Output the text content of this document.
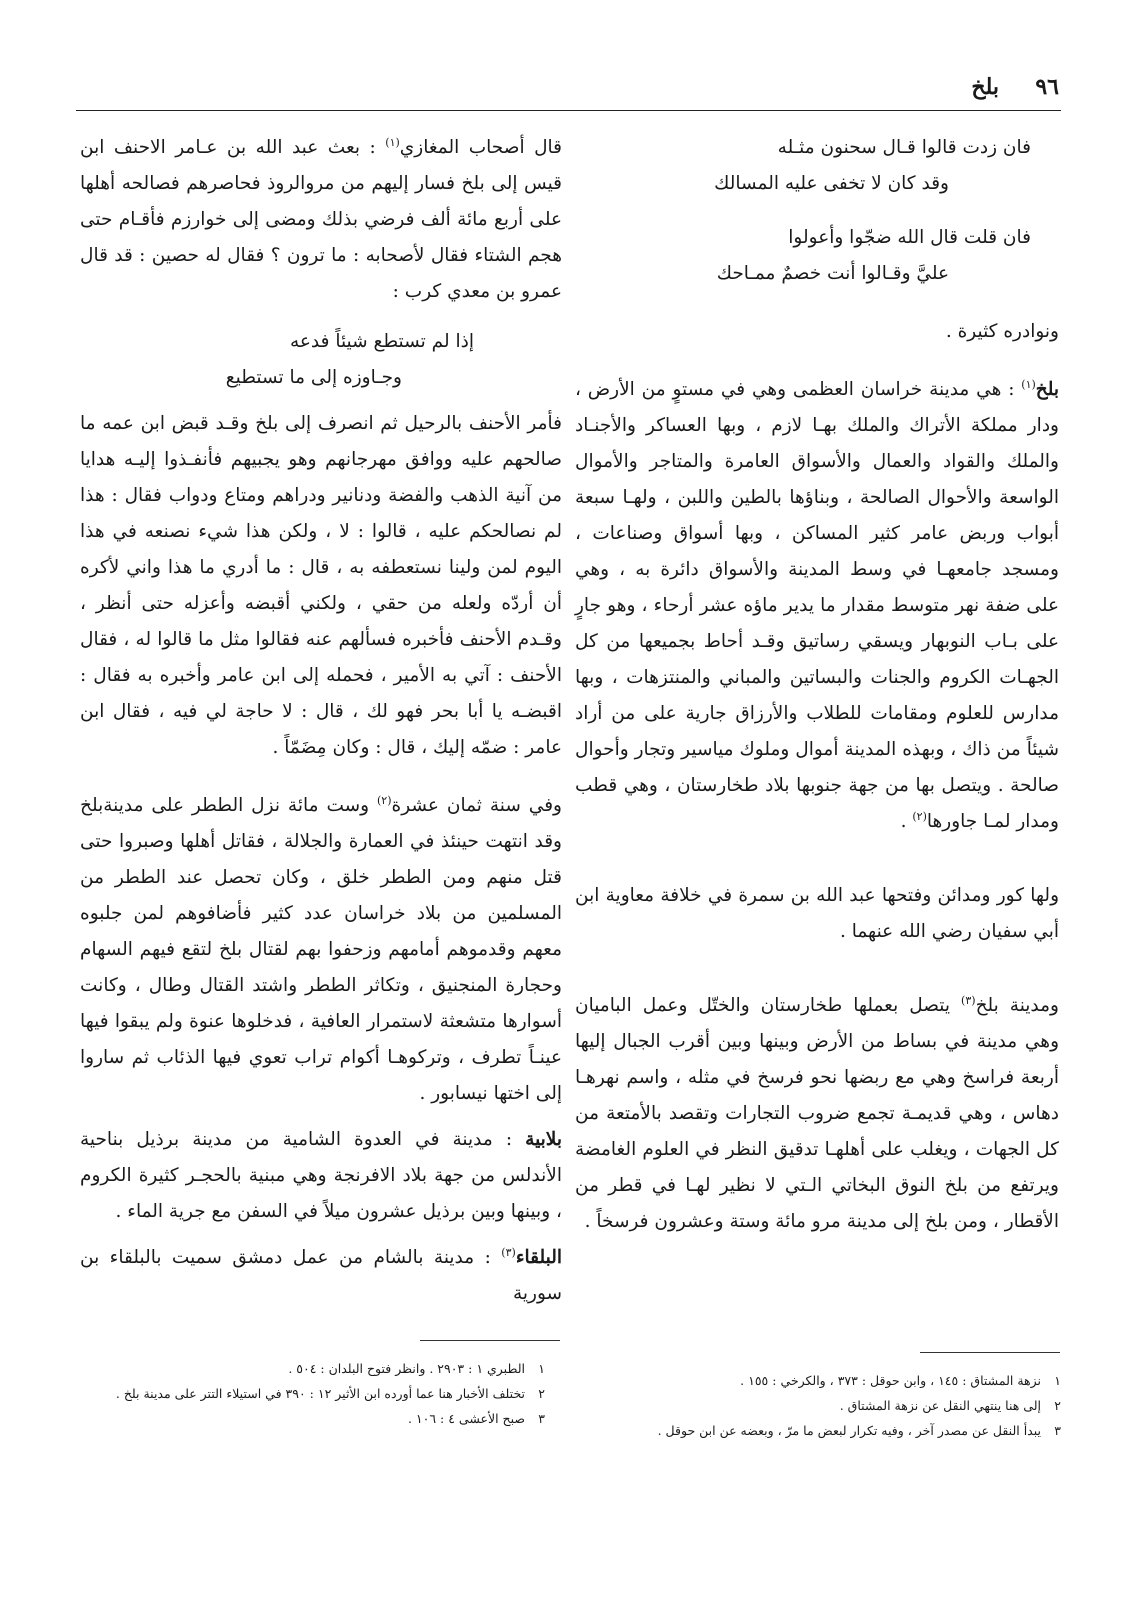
٩٦
بلخ
فان زدت قالوا قـال سحنون مثـله
وقد كان لا تخفى عليه المسالك
فان قلت قال الله ضجّوا وأعولوا
عليَّ وقـالوا أنت خصمٌ ممـاحك

ونوادره كثيرة .

بلخ$^{(١)}$ : هي مدينة خراسان العظمى وهي في مستوٍ من الأرض ، ودار مملكة الأتراك والملك بهـا لازم ، وبها العساكر والأجنـاد والملك والقواد والعمال والأسواق العامرة والمتاجر والأموال الواسعة والأحوال الصالحة ، وبناؤها بالطين واللبن ، ولهـا سبعة أبواب وربض عامر كثير المساكن ، وبها أسواق وصناعات ، ومسجد جامعهـا في وسط المدينة والأسواق دائرة به ، وهي على ضفة نهر متوسط مقدار ما يدير ماؤه عشر أرحاء ، وهو جارٍ على بـاب النوبهار ويسقي رساتيق وقـد أحاط بجميعها من كل الجهـات الكروم والجنات والبساتين والمباني والمنتزهات ، وبها مدارس للعلوم ومقامات للطلاب والأرزاق جارية على من أراد شيئاً من ذاك ، وبهذه المدينة أموال وملوك مياسير وتجار وأحوال صالحة . ويتصل بها من جهة جنوبها بلاد طخارستان ، وهي قطب ومدار لمـا جاورها$^{(٢)}$ .

ولها كور ومدائن وفتحها عبد الله بن سمرة في خلافة معاوية ابن أبي سفيان رضي الله عنهما .

ومدينة بلخ$^{(٣)}$ يتصل بعملها طخارستان والختّل وعمل الباميان وهي مدينة في بساط من الأرض وبينها وبين أقرب الجبال إليها أربعة فراسخ وهي مع ربضها نحو فرسخ في مثله ، واسم نهرهـا دهاس ، وهي قديمـة تجمع ضروب التجارات وتقصد بالأمتعة من كل الجهات ، ويغلب على أهلهـا تدقيق النظر في العلوم الغامضة ويرتفع من بلخ النوق البخاتي الـتي لا نظير لهـا في قطر من الأقطار ، ومن بلخ إلى مدينة مرو مائة وستة وعشرون فرسخاً .

قال أصحاب المغازي$^{(١)}$ : بعث عبد الله بن عـامر الاحنف ابن قيس إلى بلخ فسار إليهم من مروالروذ فحاصرهم فصالحه أهلها على أربع مائة ألف فرضي بذلك ومضى إلى خوارزم فأقـام حتى هجم الشتاء فقال لأصحابه : ما ترون ؟ فقال له حصين : قد قال عمرو بن معدي كرب :

إذا لم تستطع شيئاً فدعه
وجـاوزه إلى ما تستطيع

فأمر الأحنف بالرحيل ثم انصرف إلى بلخ وقـد قبض ابن عمه ما صالحهم عليه ووافق مهرجانهم وهو يجبيهم فأنفـذوا إليـه هدايا من آنية الذهب والفضة ودنانير ودراهم ومتاع ودواب فقال : هذا لم نصالحكم عليه ، قالوا : لا ، ولكن هذا شيء نصنعه في هذا اليوم لمن ولينا نستعطفه به ، قال : ما أدري ما هذا واني لأكره أن أردّه ولعله من حقي ، ولكني أقبضه وأعزله حتى أنظر ، وقـدم الأحنف فأخبره فسألهم عنه فقالوا مثل ما قالوا له ، فقال الأحنف : آتي به الأمير ، فحمله إلى ابن عامر وأخبره به فقال : اقبضـه يا أبا بحر فهو لك ، قال : لا حاجة لي فيه ، فقال ابن عامر : ضمّه إليك ، قال : وكان مِضَمّاً .

وفي سنة ثمان عشرة$^{(٢)}$ وست مائة نزل الططر على مدينةبلخ وقد انتهت حينئذ في العمارة والجلالة ، فقاتل أهلها وصبروا حتى قتل منهم ومن الططر خلق ، وكان تحصل عند الططر من المسلمين من بلاد خراسان عدد كثير فأضافوهم لمن جلبوه معهم وقدموهم أمامهم وزحفوا بهم لقتال بلخ لتقع فيهم السهام وحجارة المنجنيق ، وتكاثر الططر واشتد القتال وطال ، وكانت أسوارها متشعثة لاستمرار العافية ، فدخلوها عنوة ولم يبقوا فيها عينـاً تطرف ، وتركوهـا أكوام تراب تعوي فيها الذئاب ثم ساروا إلى اختها نيسابور .

بلابية : مدينة في العدوة الشامية من مدينة برذيل بناحية الأندلس من جهة بلاد الافرنجة وهي مبنية بالحجـر كثيرة الكروم ، وبينها وبين برذيل عشرون ميلاً في السفن مع جرية الماء .

البلقاء$^{(٣)}$ : مدينة بالشام من عمل دمشق سميت بالبلقاء بن سورية

١نزهة المشتاق : ١٤٥ ، وابن حوقل : ٣٧٣ ، والكرخي : ١٥٥ .
٢إلى هنا ينتهي النقل عن نزهة المشتاق .
٣يبدأ النقل عن مصدر آخر ، وفيه تكرار لبعض ما مرّ ، وبعضه عن ابن حوقل .
١الطبري ١ : ٢٩٠٣ . وانظر فتوح البلدان : ٥٠٤ .
٢تختلف الأخبار هنا عما أورده ابن الأثير ١٢ : ٣٩٠ في استيلاء التتر على مدينة بلخ .
٣صبح الأعشى ٤ : ١٠٦ .
